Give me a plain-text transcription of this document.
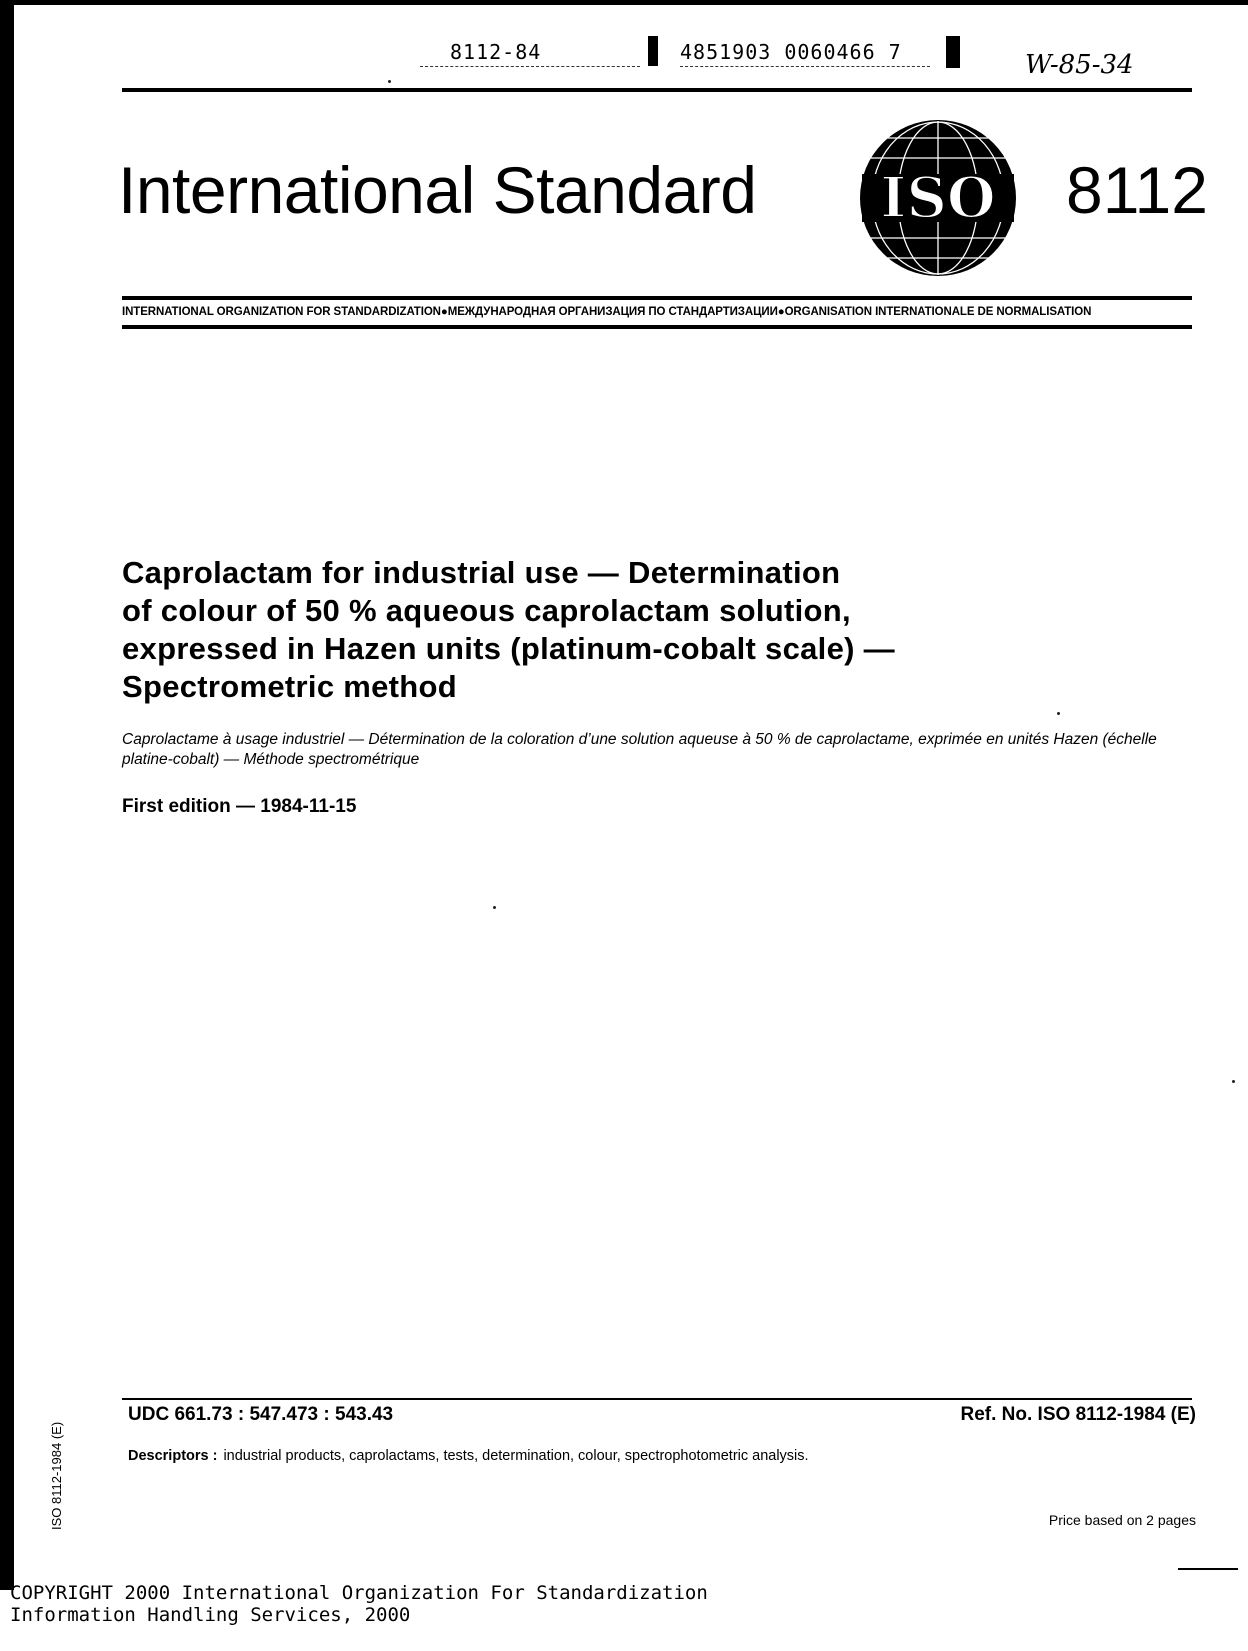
8112-84	4851903 0060466 7	W-85-34
International Standard ISO 8112
INTERNATIONAL ORGANIZATION FOR STANDARDIZATION●МЕЖДУНАРОДНАЯ ОРГАНИЗАЦИЯ ПО СТАНДАРТИЗАЦИИ●ORGANISATION INTERNATIONALE DE NORMALISATION
Caprolactam for industrial use — Determination
of colour of 50 % aqueous caprolactam solution,
expressed in Hazen units (platinum-cobalt scale) —
Spectrometric method
Caprolactame à usage industriel — Détermination de la coloration d’une solution aqueuse à 50 % de caprolactame, exprimée en unités Hazen (échelle platine-cobalt) — Méthode spectrométrique
First edition — 1984-11-15
UDC 661.73 : 547.473 : 543.43	Ref. No. ISO 8112-1984 (E)
Descriptors : industrial products, caprolactams, tests, determination, colour, spectrophotometric analysis.
Price based on 2 pages
ISO 8112-1984 (E)
COPYRIGHT 2000 International Organization For Standardization
Information Handling Services, 2000
